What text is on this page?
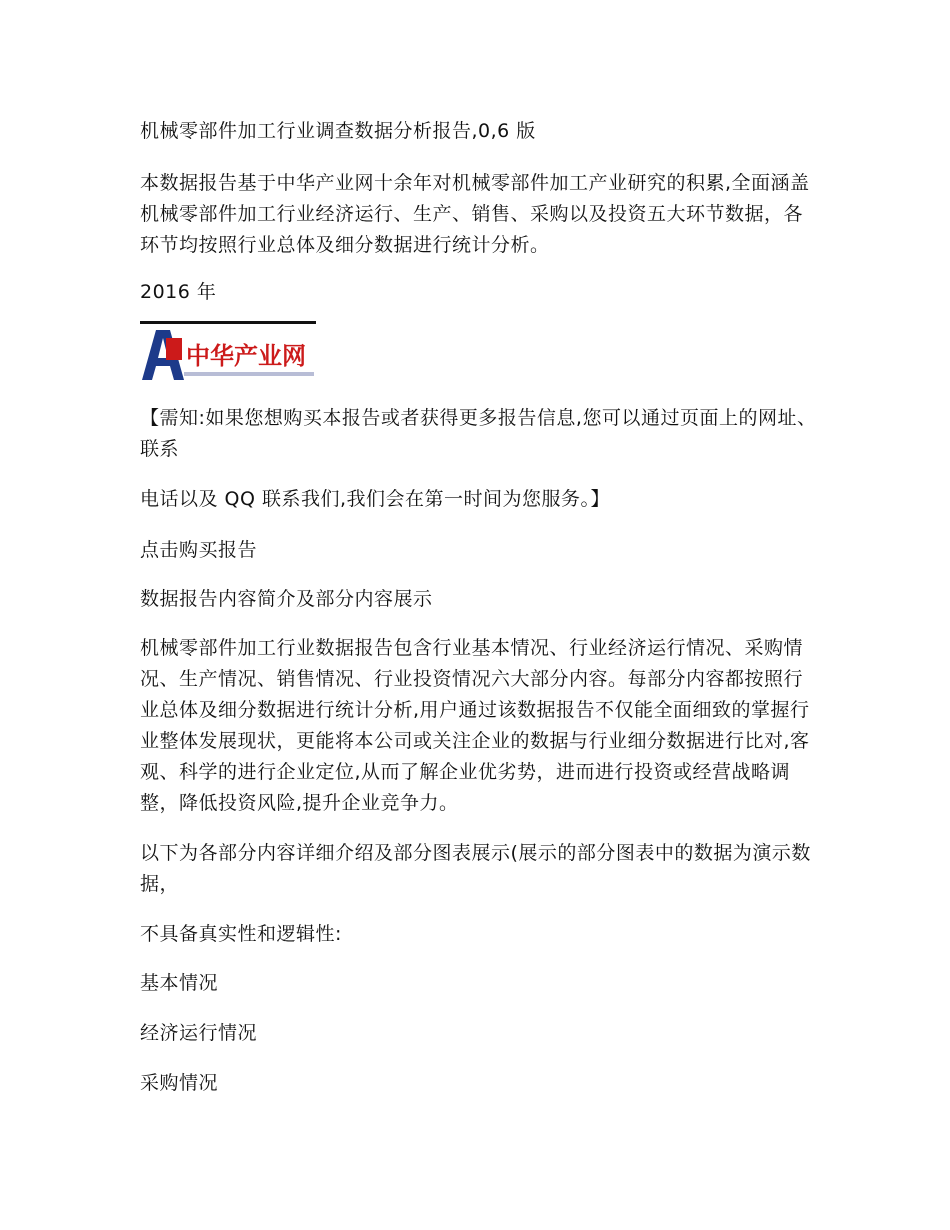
机械零部件加工行业调查数据分析报告,0,6 版

本数据报告基于中华产业网十余年对机械零部件加工产业研究的积累,全面涵盖机械零部件加工行业经济运行、生产、销售、采购以及投资五大环节数据，各环节均按照行业总体及细分数据进行统计分析。

2016 年

中华产业网

【需知:如果您想购买本报告或者获得更多报告信息,您可以通过页面上的网址、联系

电话以及 QQ 联系我们,我们会在第一时间为您服务。】

点击购买报告

数据报告内容简介及部分内容展示

机械零部件加工行业数据报告包含行业基本情况、行业经济运行情况、采购情况、生产情况、销售情况、行业投资情况六大部分内容。每部分内容都按照行业总体及细分数据进行统计分析,用户通过该数据报告不仅能全面细致的掌握行业整体发展现状，更能将本公司或关注企业的数据与行业细分数据进行比对,客观、科学的进行企业定位,从而了解企业优劣势，进而进行投资或经营战略调整，降低投资风险,提升企业竞争力。

以下为各部分内容详细介绍及部分图表展示(展示的部分图表中的数据为演示数据，

不具备真实性和逻辑性:

基本情况

经济运行情况

采购情况
